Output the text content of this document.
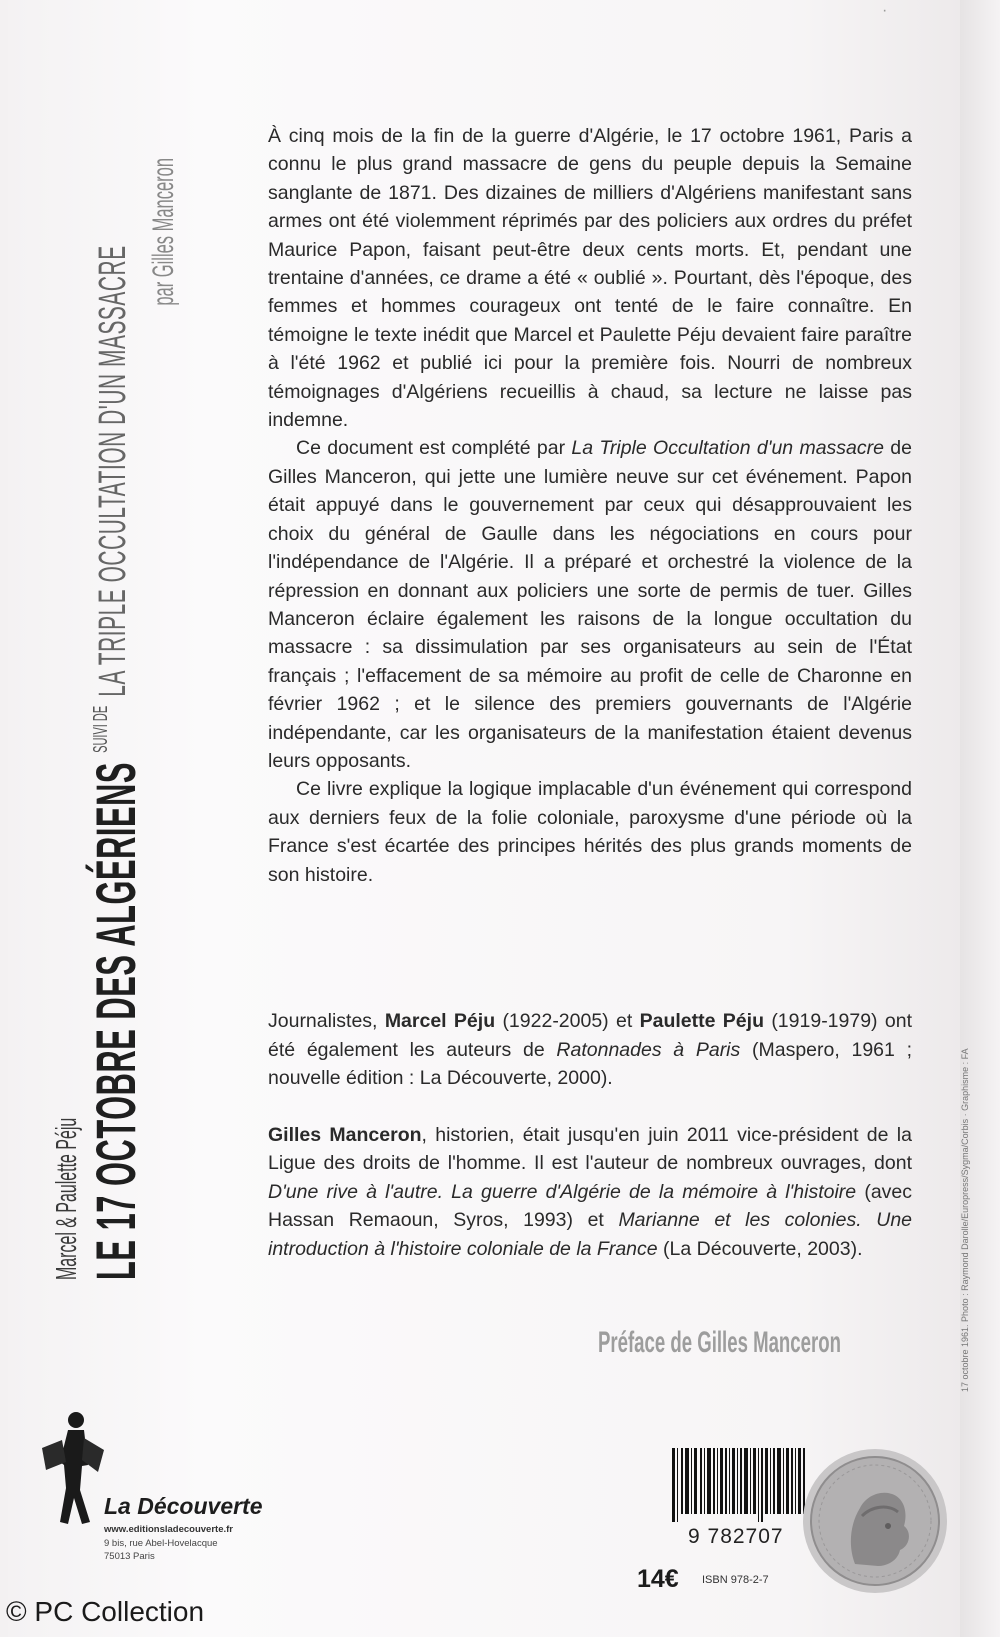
·
Marcel & Paulette Péju LE 17 OCTOBRE DES ALGÉRIENS $^{SUIVI DE}$ $^{LA TRIPLE OCCULTATION D'UN MASSACRE}$
par Gilles Manceron

À cinq mois de la fin de la guerre d'Algérie, le 17 octobre 1961, Paris a connu le plus grand massacre de gens du peuple depuis la Semaine sanglante de 1871. Des dizaines de milliers d'Algériens manifestant sans armes ont été violemment réprimés par des policiers aux ordres du préfet Maurice Papon, faisant peut-être deux cents morts. Et, pendant une trentaine d'années, ce drame a été « oublié ». Pourtant, dès l'époque, des femmes et hommes courageux ont tenté de le faire connaître. En témoigne le texte inédit que Marcel et Paulette Péju devaient faire paraître à l'été 1962 et publié ici pour la première fois. Nourri de nombreux témoignages d'Algériens recueillis à chaud, sa lecture ne laisse pas indemne.

Ce document est complété par La Triple Occultation d'un massacre de Gilles Manceron, qui jette une lumière neuve sur cet événement. Papon était appuyé dans le gouvernement par ceux qui désapprouvaient les choix du général de Gaulle dans les négociations en cours pour l'indépendance de l'Algérie. Il a préparé et orchestré la violence de la répression en donnant aux policiers une sorte de permis de tuer. Gilles Manceron éclaire également les raisons de la longue occultation du massacre : sa dissimulation par ses organisateurs au sein de l'État français ; l'effacement de sa mémoire au profit de celle de Charonne en février 1962 ; et le silence des premiers gouvernants de l'Algérie indépendante, car les organisateurs de la manifestation étaient devenus leurs opposants.

Ce livre explique la logique implacable d'un événement qui correspond aux derniers feux de la folie coloniale, paroxysme d'une période où la France s'est écartée des principes hérités des plus grands moments de son histoire.

Journalistes, Marcel Péju (1922-2005) et Paulette Péju (1919-1979) ont été également les auteurs de Ratonnades à Paris (Maspero, 1961 ; nouvelle édition : La Découverte, 2000).

Gilles Manceron, historien, était jusqu'en juin 2011 vice-président de la Ligue des droits de l'homme. Il est l'auteur de nombreux ouvrages, dont D'une rive à l'autre. La guerre d'Algérie de la mémoire à l'histoire (avec Hassan Remaoun, Syros, 1993) et Marianne et les colonies. Une introduction à l'histoire coloniale de la France (La Découverte, 2003).

Préface de Gilles Manceron
La Découverte
www.editionsladecouverte.fr
9 bis, rue Abel-Hovelacque
75013 Paris
9 782707
14€ ISBN 978-2-7
17 octobre 1961. Photo : Raymond Darolle/Europress/Sygma/Corbis · Graphisme : FA
© PC Collection
